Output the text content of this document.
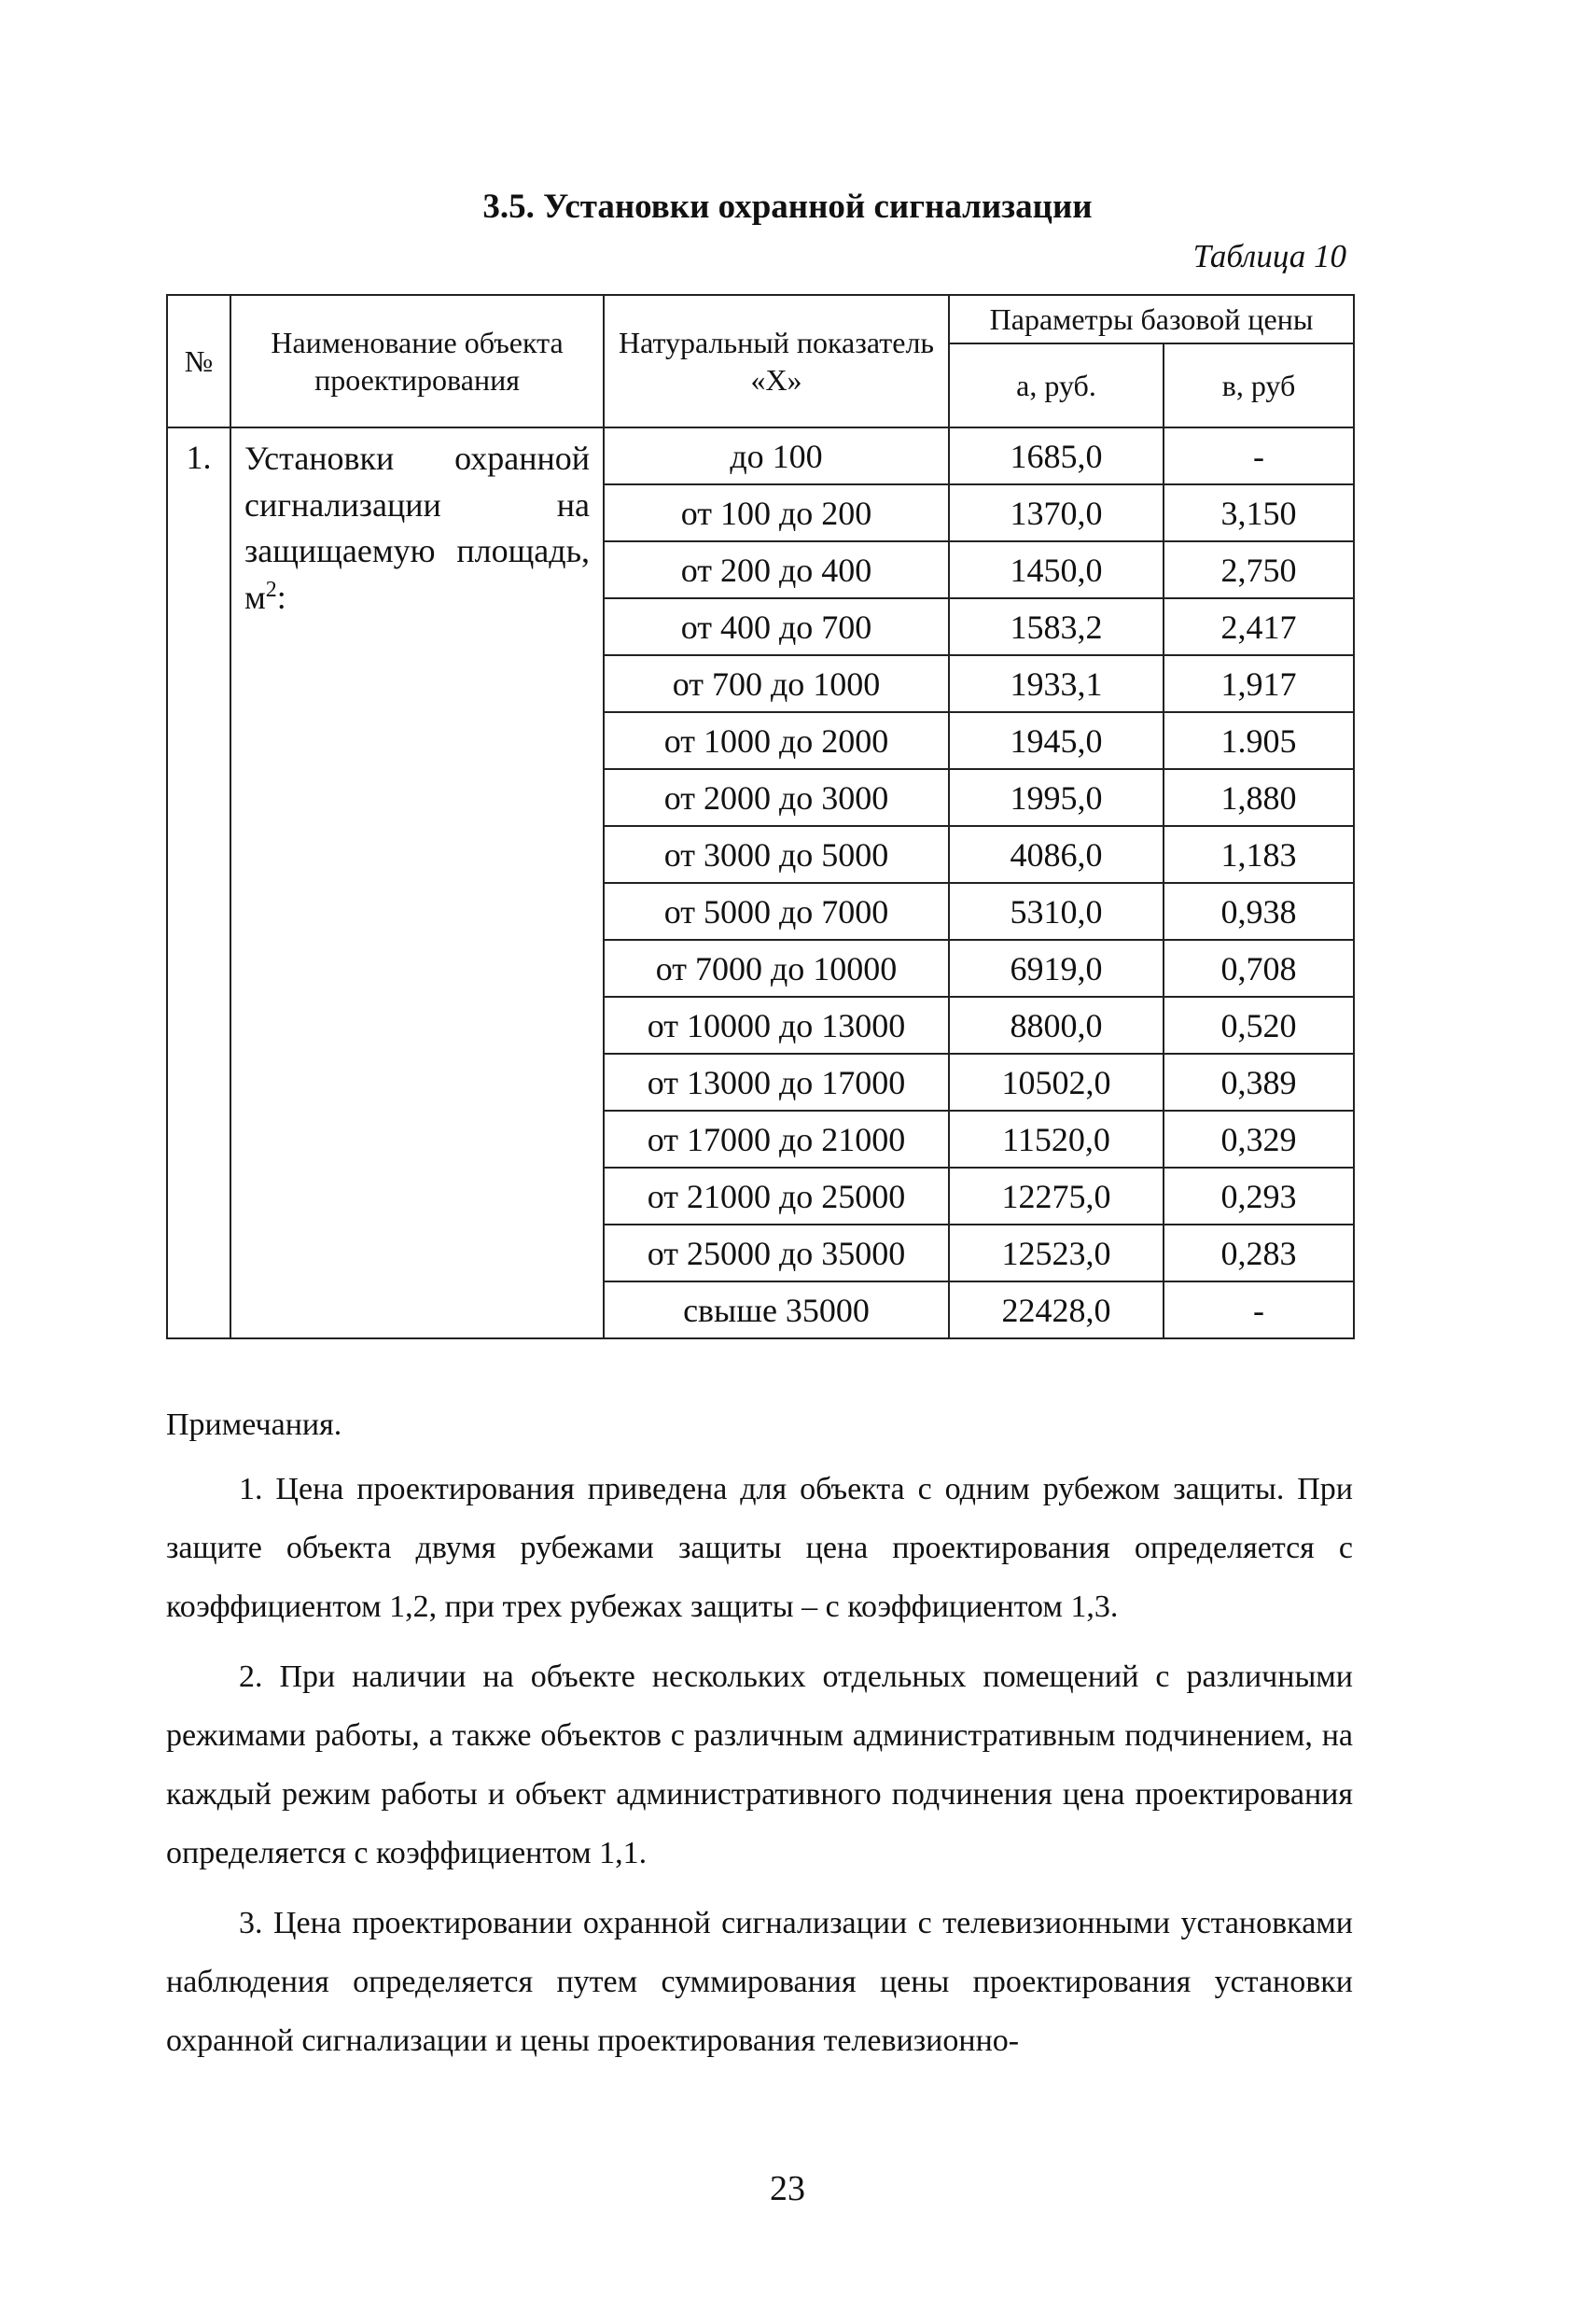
3.5. Установки охранной сигнализации
Таблица 10
№	Наименование объекта проектирования	Натуральный показатель «Х»	Параметры базовой цены	
			а, руб.	в, руб
1.	Установки охранной сигнализации на защищаемую площадь, $м^2$:	до 100	1685,0	-
		от 100 до 200	1370,0	3,150
		от 200 до 400	1450,0	2,750
		от 400 до 700	1583,2	2,417
		от 700 до 1000	1933,1	1,917
		от 1000 до 2000	1945,0	1.905
		от 2000 до 3000	1995,0	1,880
		от 3000 до 5000	4086,0	1,183
		от 5000 до 7000	5310,0	0,938
		от 7000 до 10000	6919,0	0,708
		от 10000 до 13000	8800,0	0,520
		от 13000 до 17000	10502,0	0,389
		от 17000 до 21000	11520,0	0,329
		от 21000 до 25000	12275,0	0,293
		от 25000 до 35000	12523,0	0,283
		свыше 35000	22428,0	-
Примечания.

1. Цена проектирования приведена для объекта с одним рубежом защиты. При защите объекта двумя рубежами защиты цена проектирования определяется с коэффициентом 1,2, при трех рубежах защиты – с коэффициентом 1,3.

2. При наличии на объекте нескольких отдельных помещений с различными режимами работы, а также объектов с различным административным подчинением, на каждый режим работы и объект административного подчинения цена проектирования определяется с коэффициентом 1,1.

3. Цена проектировании охранной сигнализации с телевизионными установками наблюдения определяется путем суммирования цены проектирования установки охранной сигнализации и цены проектирования телевизионно-

23
